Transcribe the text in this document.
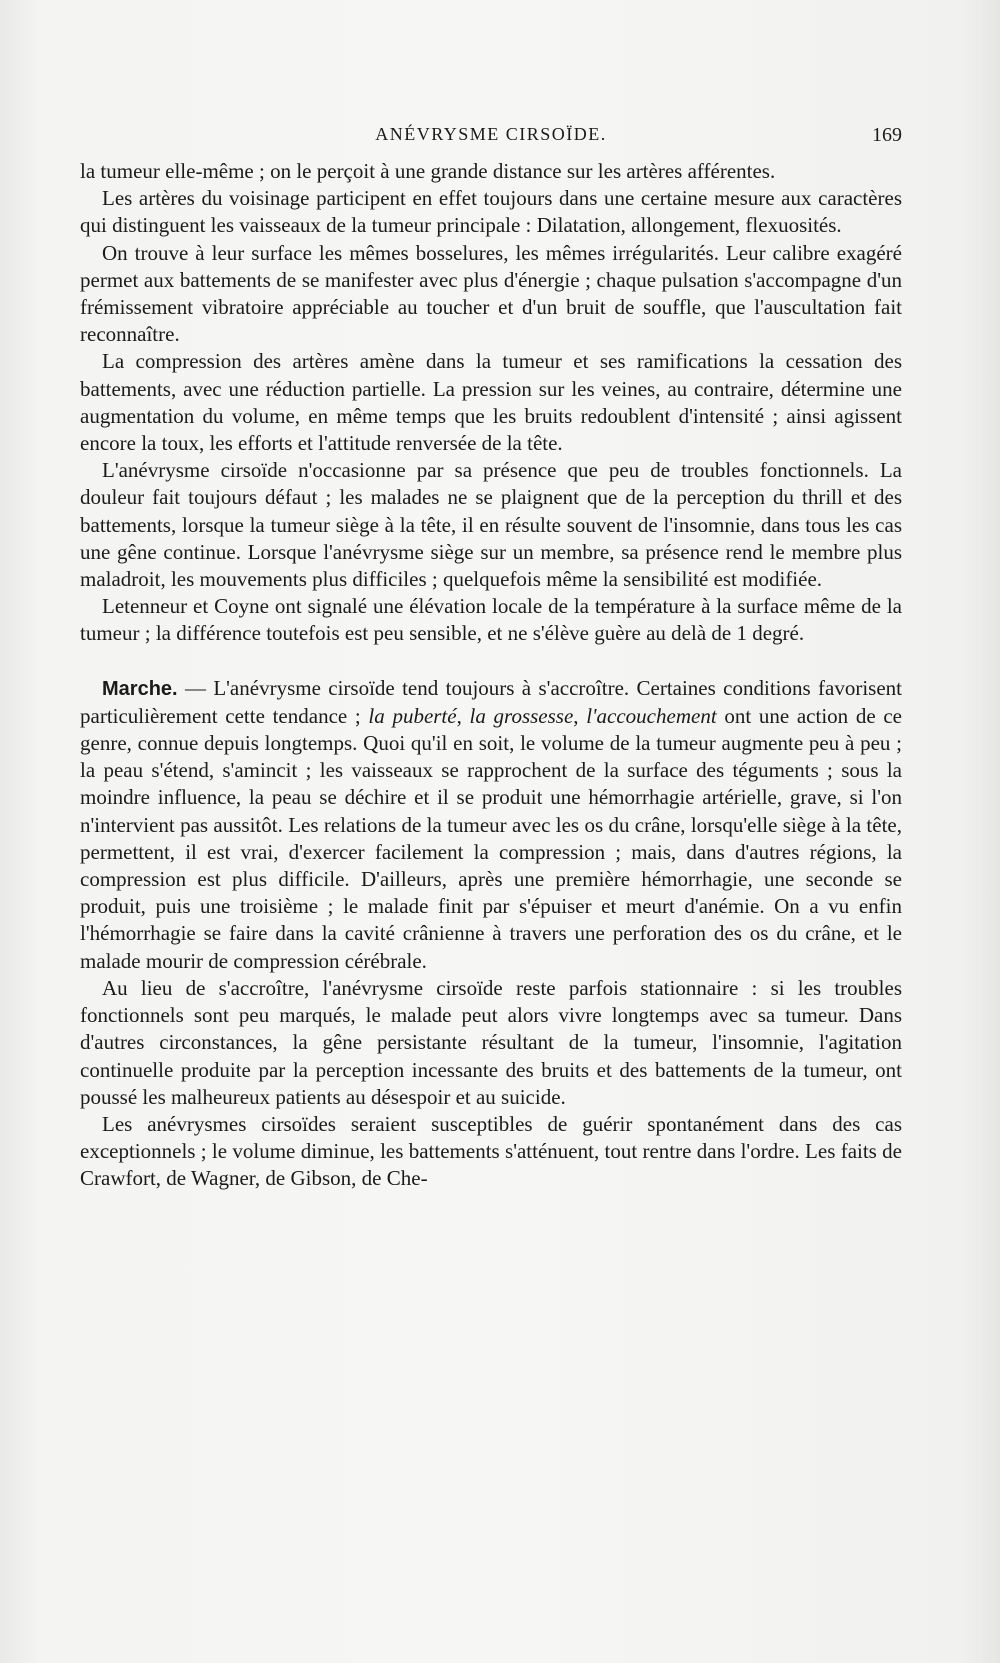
ANÉVRYSME CIRSOÏDE.	169

la tumeur elle-même ; on le perçoit à une grande distance sur les artères afférentes.

Les artères du voisinage participent en effet toujours dans une certaine mesure aux caractères qui distinguent les vaisseaux de la tumeur principale : Dilatation, allongement, flexuosités.

On trouve à leur surface les mêmes bosselures, les mêmes irrégularités. Leur calibre exagéré permet aux battements de se manifester avec plus d'énergie ; chaque pulsation s'accompagne d'un frémissement vibratoire appréciable au toucher et d'un bruit de souffle, que l'auscultation fait reconnaître.

La compression des artères amène dans la tumeur et ses ramifications la cessation des battements, avec une réduction partielle. La pression sur les veines, au contraire, détermine une augmentation du volume, en même temps que les bruits redoublent d'intensité ; ainsi agissent encore la toux, les efforts et l'attitude renversée de la tête.

L'anévrysme cirsoïde n'occasionne par sa présence que peu de troubles fonctionnels. La douleur fait toujours défaut ; les malades ne se plaignent que de la perception du thrill et des battements, lorsque la tumeur siège à la tête, il en résulte souvent de l'insomnie, dans tous les cas une gêne continue. Lorsque l'anévrysme siège sur un membre, sa présence rend le membre plus maladroit, les mouvements plus difficiles ; quelquefois même la sensibilité est modifiée.

Letenneur et Coyne ont signalé une élévation locale de la température à la surface même de la tumeur ; la différence toutefois est peu sensible, et ne s'élève guère au delà de 1 degré.

Marche. — L'anévrysme cirsoïde tend toujours à s'accroître. Certaines conditions favorisent particulièrement cette tendance ; la puberté, la grossesse, l'accouchement ont une action de ce genre, connue depuis longtemps. Quoi qu'il en soit, le volume de la tumeur augmente peu à peu ; la peau s'étend, s'amincit ; les vaisseaux se rapprochent de la surface des téguments ; sous la moindre influence, la peau se déchire et il se produit une hémorrhagie artérielle, grave, si l'on n'intervient pas aussitôt. Les relations de la tumeur avec les os du crâne, lorsqu'elle siège à la tête, permettent, il est vrai, d'exercer facilement la compression ; mais, dans d'autres régions, la compression est plus difficile. D'ailleurs, après une première hémorrhagie, une seconde se produit, puis une troisième ; le malade finit par s'épuiser et meurt d'anémie. On a vu enfin l'hémorrhagie se faire dans la cavité crânienne à travers une perforation des os du crâne, et le malade mourir de compression cérébrale.

Au lieu de s'accroître, l'anévrysme cirsoïde reste parfois stationnaire : si les troubles fonctionnels sont peu marqués, le malade peut alors vivre longtemps avec sa tumeur. Dans d'autres circonstances, la gêne persistante résultant de la tumeur, l'insomnie, l'agitation continuelle produite par la perception incessante des bruits et des battements de la tumeur, ont poussé les malheureux patients au désespoir et au suicide.

Les anévrysmes cirsoïdes seraient susceptibles de guérir spontanément dans des cas exceptionnels ; le volume diminue, les battements s'atténuent, tout rentre dans l'ordre. Les faits de Crawfort, de Wagner, de Gibson, de Che-
